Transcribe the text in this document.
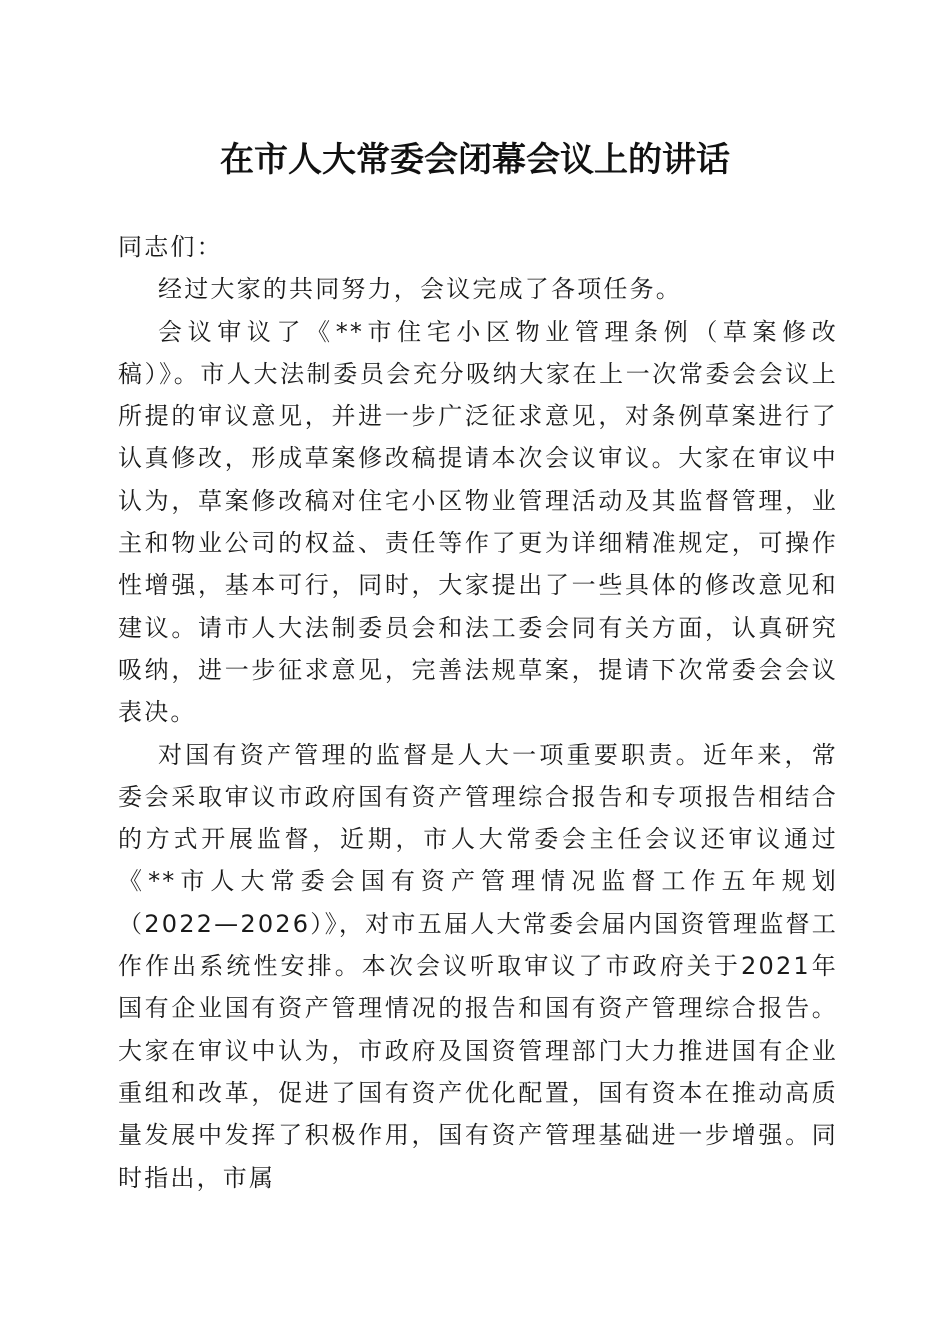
在市人大常委会闭幕会议上的讲话

同志们：

经过大家的共同努力，会议完成了各项任务。

会议审议了《**市住宅小区物业管理条例（草案修改稿）》。市人大法制委员会充分吸纳大家在上一次常委会会议上所提的审议意见，并进一步广泛征求意见，对条例草案进行了认真修改，形成草案修改稿提请本次会议审议。大家在审议中认为，草案修改稿对住宅小区物业管理活动及其监督管理，业主和物业公司的权益、责任等作了更为详细精准规定，可操作性增强，基本可行，同时，大家提出了一些具体的修改意见和建议。请市人大法制委员会和法工委会同有关方面，认真研究吸纳，进一步征求意见，完善法规草案，提请下次常委会会议表决。

对国有资产管理的监督是人大一项重要职责。近年来，常委会采取审议市政府国有资产管理综合报告和专项报告相结合的方式开展监督，近期，市人大常委会主任会议还审议通过《**市人大常委会国有资产管理情况监督工作五年规划（2022—2026）》，对市五届人大常委会届内国资管理监督工作作出系统性安排。本次会议听取审议了市政府关于2021年国有企业国有资产管理情况的报告和国有资产管理综合报告。大家在审议中认为，市政府及国资管理部门大力推进国有企业重组和改革，促进了国有资产优化配置，国有资本在推动高质量发展中发挥了积极作用，国有资产管理基础进一步增强。同时指出，市属
